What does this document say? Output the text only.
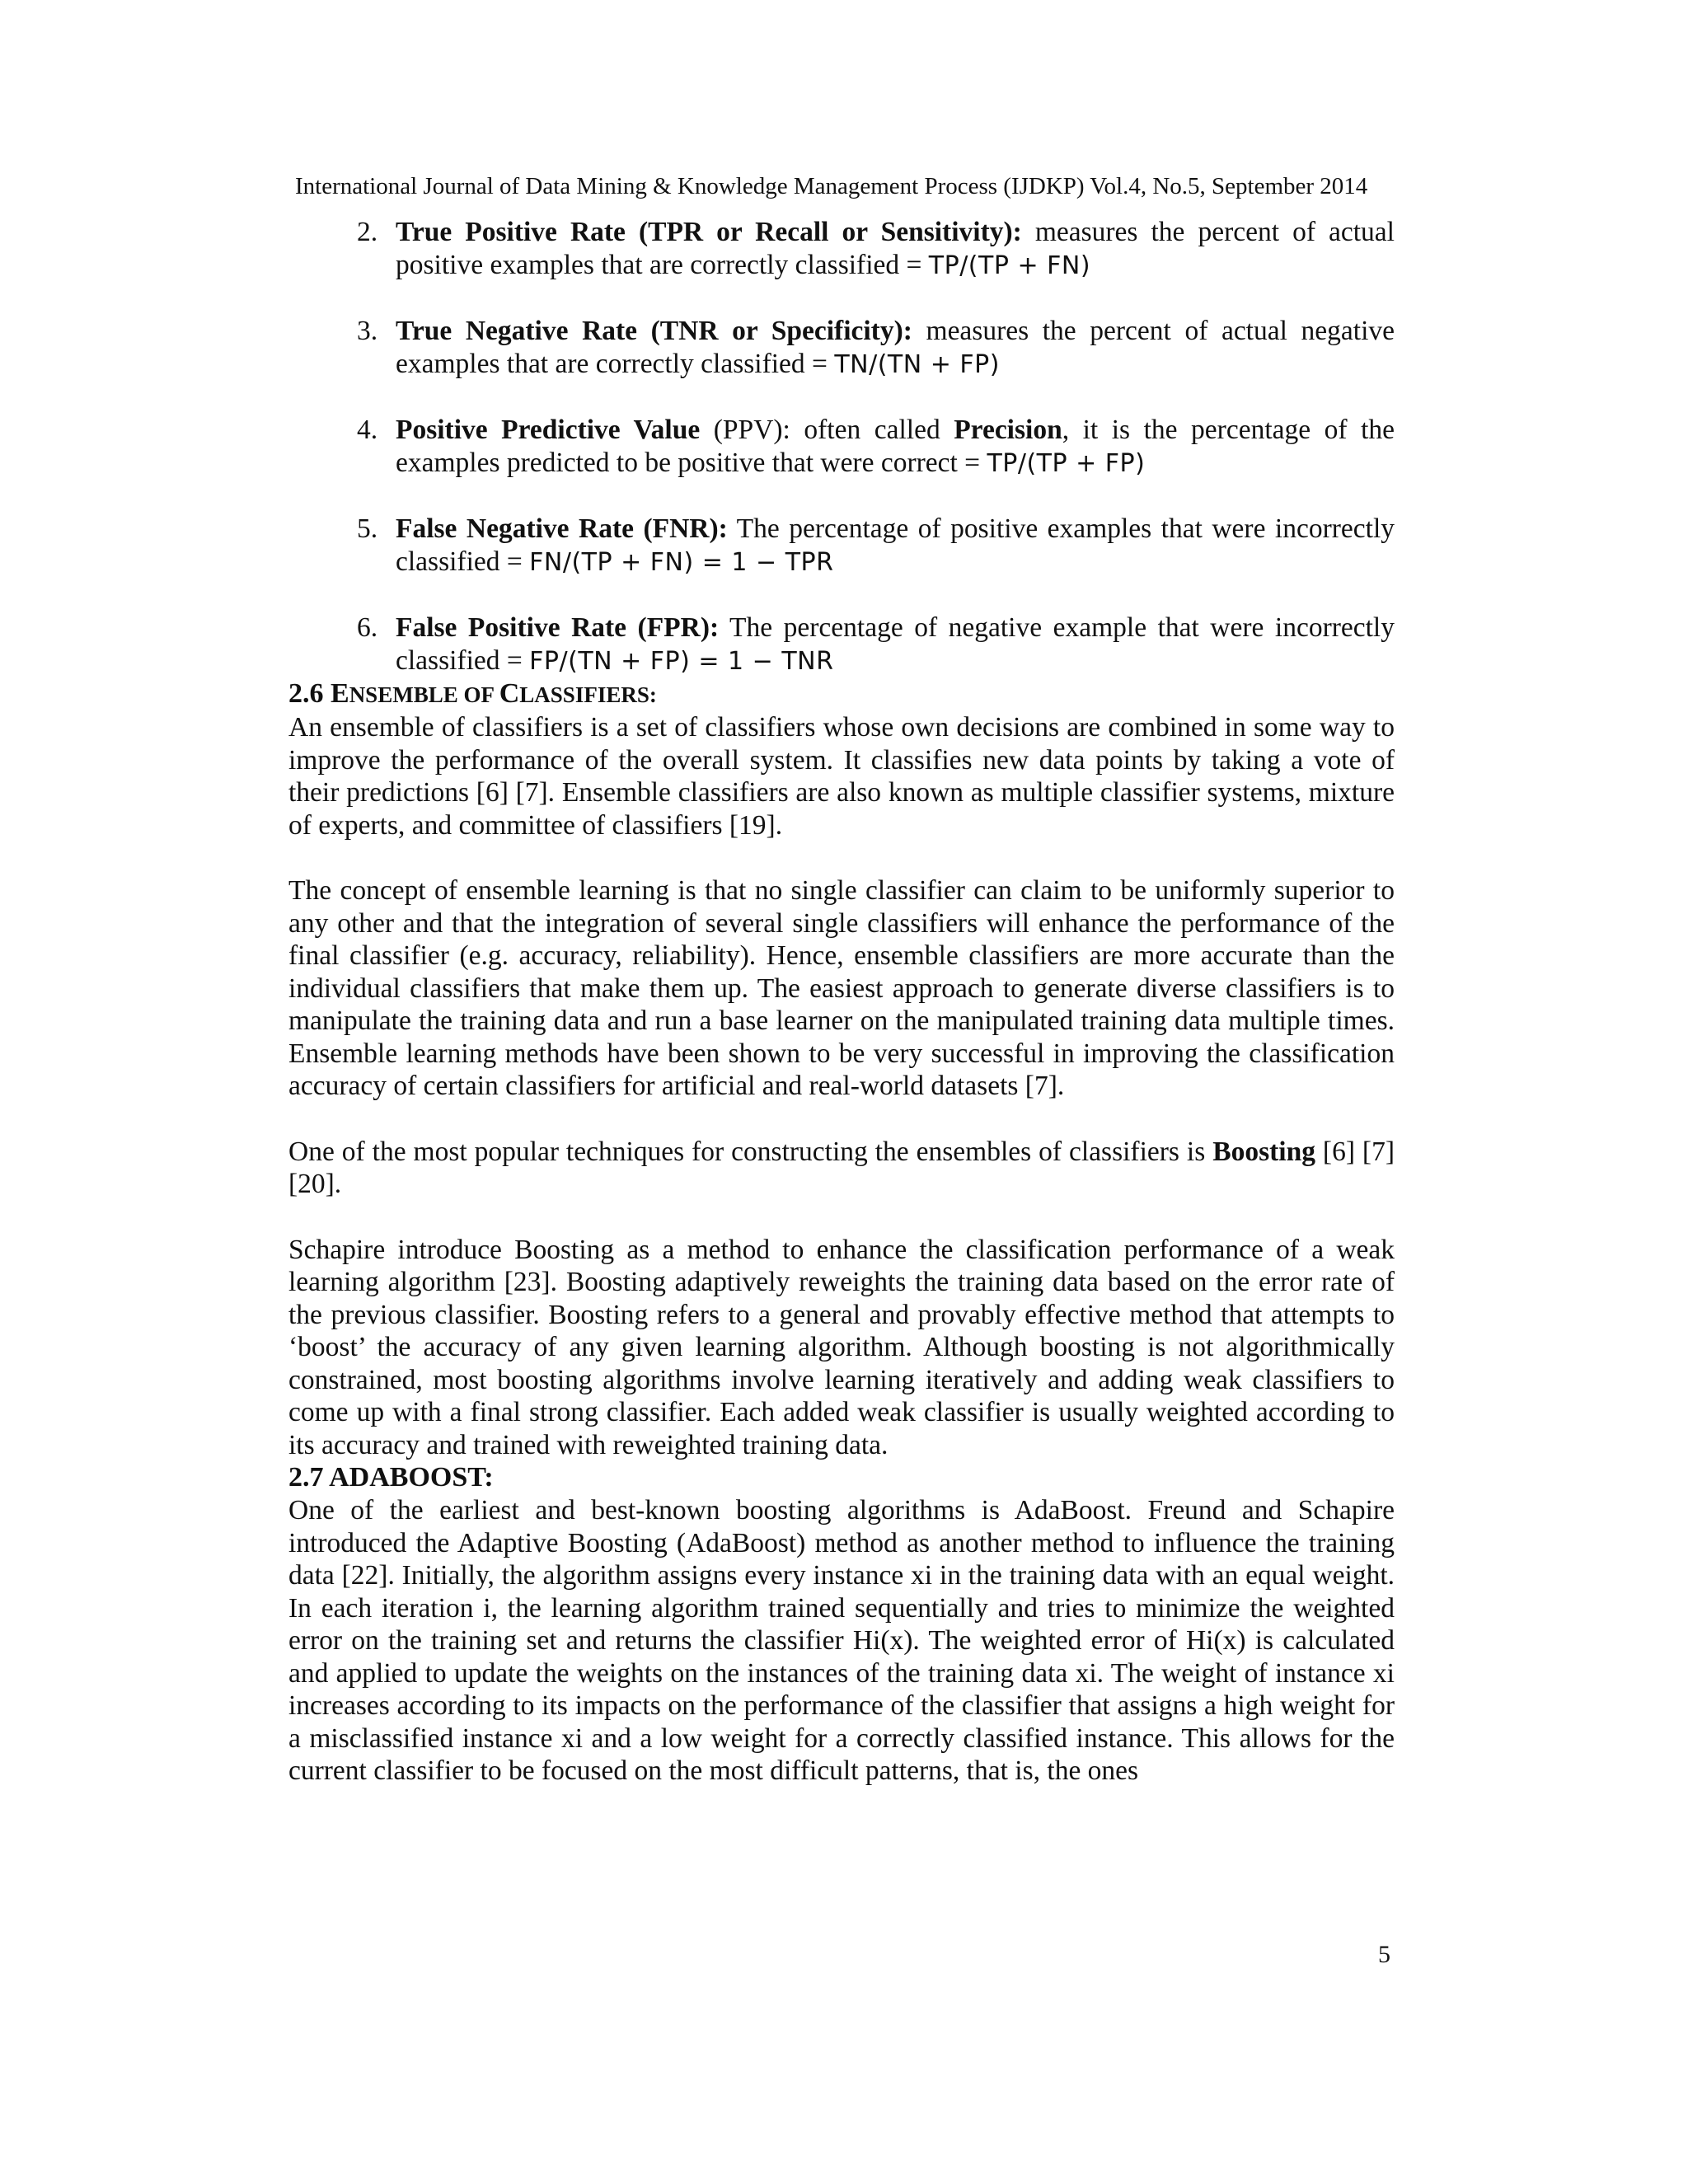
International Journal of Data Mining & Knowledge Management Process (IJDKP) Vol.4, No.5, September 2014
2. True Positive Rate (TPR or Recall or Sensitivity): measures the percent of actual positive examples that are correctly classified = TP/(TP + FN)
3. True Negative Rate (TNR or Specificity): measures the percent of actual negative examples that are correctly classified = TN/(TN + FP)
4. Positive Predictive Value (PPV): often called Precision, it is the percentage of the examples predicted to be positive that were correct = TP/(TP + FP)
5. False Negative Rate (FNR): The percentage of positive examples that were incorrectly classified = FN/(TP + FN) = 1 − TPR
6. False Positive Rate (FPR): The percentage of negative example that were incorrectly classified = FP/(TN + FP) = 1 − TNR
2.6 ENSEMBLE OF CLASSIFIERS:

An ensemble of classifiers is a set of classifiers whose own decisions are combined in some way to improve the performance of the overall system. It classifies new data points by taking a vote of their predictions [6] [7]. Ensemble classifiers are also known as multiple classifier systems, mixture of experts, and committee of classifiers [19].

The concept of ensemble learning is that no single classifier can claim to be uniformly superior to any other and that the integration of several single classifiers will enhance the performance of the final classifier (e.g. accuracy, reliability). Hence, ensemble classifiers are more accurate than the individual classifiers that make them up. The easiest approach to generate diverse classifiers is to manipulate the training data and run a base learner on the manipulated training data multiple times. Ensemble learning methods have been shown to be very successful in improving the classification accuracy of certain classifiers for artificial and real-world datasets [7].

One of the most popular techniques for constructing the ensembles of classifiers is Boosting [6] [7] [20].

Schapire introduce Boosting as a method to enhance the classification performance of a weak learning algorithm [23]. Boosting adaptively reweights the training data based on the error rate of the previous classifier. Boosting refers to a general and provably effective method that attempts to ‘boost’ the accuracy of any given learning algorithm. Although boosting is not algorithmically constrained, most boosting algorithms involve learning iteratively and adding weak classifiers to come up with a final strong classifier. Each added weak classifier is usually weighted according to its accuracy and trained with reweighted training data.

2.7 ADABOOST:

One of the earliest and best-known boosting algorithms is AdaBoost. Freund and Schapire introduced the Adaptive Boosting (AdaBoost) method as another method to influence the training data [22]. Initially, the algorithm assigns every instance xi in the training data with an equal weight. In each iteration i, the learning algorithm trained sequentially and tries to minimize the weighted error on the training set and returns the classifier Hi(x). The weighted error of Hi(x) is calculated and applied to update the weights on the instances of the training data xi. The weight of instance xi increases according to its impacts on the performance of the classifier that assigns a high weight for a misclassified instance xi and a low weight for a correctly classified instance. This allows for the current classifier to be focused on the most difficult patterns, that is, the ones

5
